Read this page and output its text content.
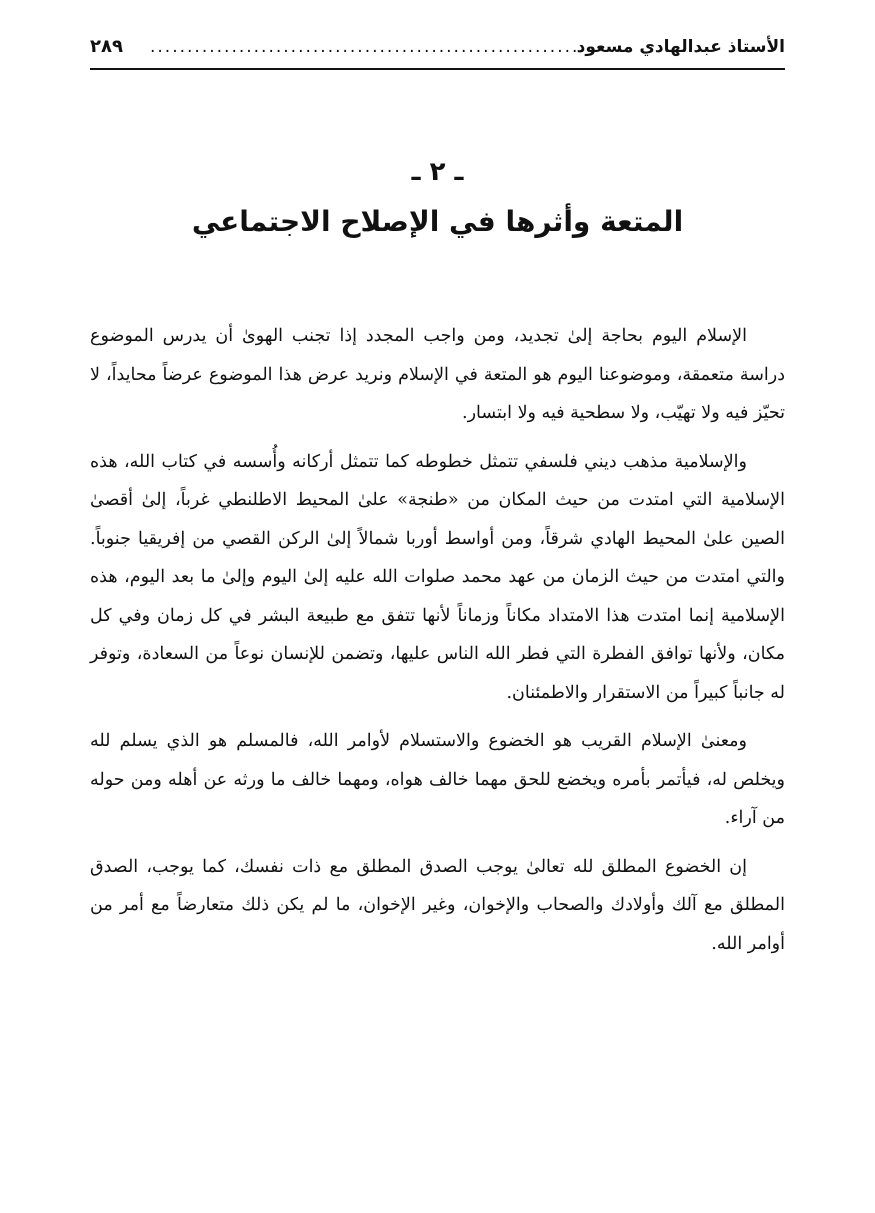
الأستاذ عبدالهادي مسعود
...........................................................
٢٨٩
ـ ٢ ـ
المتعة وأثرها في الإصلاح الاجتماعي

الإسلام اليوم بحاجة إلىٰ تجديد، ومن واجب المجدد إذا تجنب الهوىٰ أن يدرس الموضوع دراسة متعمقة، وموضوعنا اليوم هو المتعة في الإسلام ونريد عرض هذا الموضوع عرضاً محايداً، لا تحيّز فيه ولا تهيّب، ولا سطحية فيه ولا ابتسار.

والإسلامية مذهب ديني فلسفي تتمثل خطوطه كما تتمثل أركانه وأُسسه في كتاب الله، هذه الإسلامية التي امتدت من حيث المكان من «طنجة» علىٰ المحيط الاطلنطي غرباً، إلىٰ أقصىٰ الصين علىٰ المحيط الهادي شرقاً، ومن أواسط أوربا شمالاً إلىٰ الركن القصي من إفريقيا جنوباً. والتي امتدت من حيث الزمان من عهد محمد صلوات الله عليه إلىٰ اليوم وإلىٰ ما بعد اليوم، هذه الإسلامية إنما امتدت هذا الامتداد مكاناً وزماناً لأنها تتفق مع طبيعة البشر في كل زمان وفي كل مكان، ولأنها توافق الفطرة التي فطر الله الناس عليها، وتضمن للإنسان نوعاً من السعادة، وتوفر له جانباً كبيراً من الاستقرار والاطمئنان.

ومعنىٰ الإسلام القريب هو الخضوع والاستسلام لأوامر الله، فالمسلم هو الذي يسلم لله ويخلص له، فيأتمر بأمره ويخضع للحق مهما خالف هواه، ومهما خالف ما ورثه عن أهله ومن حوله من آراء.

إن الخضوع المطلق لله تعالىٰ يوجب الصدق المطلق مع ذات نفسك، كما يوجب، الصدق المطلق مع آلك وأولادك والصحاب والإخوان، وغير الإخوان، ما لم يكن ذلك متعارضاً مع أمر من أوامر الله.
